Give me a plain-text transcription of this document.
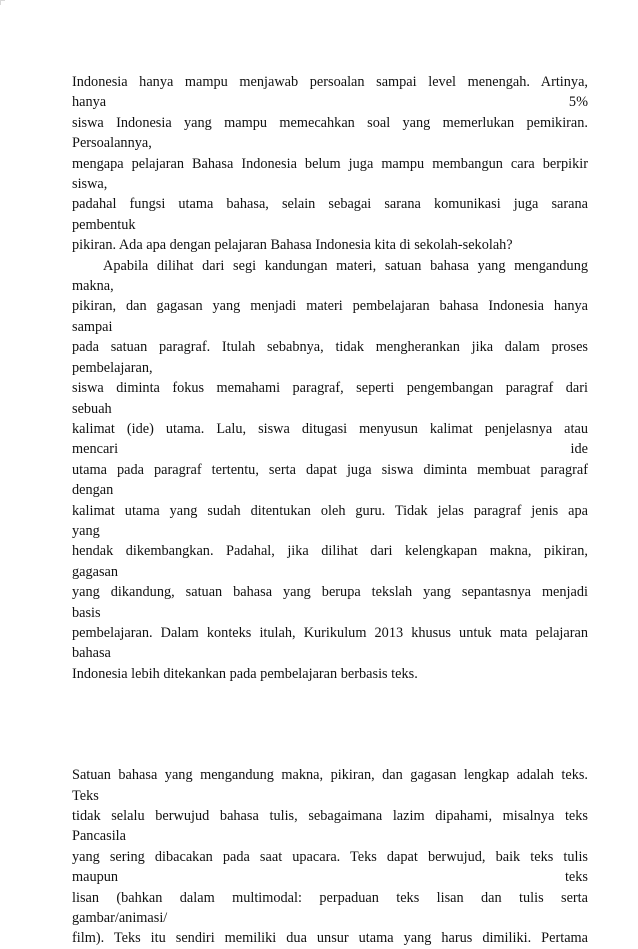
Indonesia hanya mampu menjawab persoalan sampai level menengah. Artinya,
hanya 5%
siswa Indonesia yang mampu memecahkan soal yang memerlukan pemikiran.
Persoalannya,
mengapa pelajaran Bahasa Indonesia belum juga mampu membangun cara berpikir
siswa,
padahal fungsi utama bahasa, selain sebagai sarana komunikasi juga sarana
pembentuk
pikiran. Ada apa dengan pelajaran Bahasa Indonesia kita di sekolah-sekolah?
Apabila dilihat dari segi kandungan materi, satuan bahasa yang mengandung
makna,
pikiran, dan gagasan yang menjadi materi pembelajaran bahasa Indonesia hanya
sampai
pada satuan paragraf. Itulah sebabnya, tidak mengherankan jika dalam proses
pembelajaran,
siswa diminta fokus memahami paragraf, seperti pengembangan paragraf dari
sebuah
kalimat (ide) utama. Lalu, siswa ditugasi menyusun kalimat penjelasnya atau
mencari ide
utama pada paragraf tertentu, serta dapat juga siswa diminta membuat paragraf
dengan
kalimat utama yang sudah ditentukan oleh guru. Tidak jelas paragraf jenis apa
yang
hendak dikembangkan. Padahal, jika dilihat dari kelengkapan makna, pikiran,
gagasan
yang dikandung, satuan bahasa yang berupa tekslah yang sepantasnya menjadi
basis
pembelajaran. Dalam konteks itulah, Kurikulum 2013 khusus untuk mata pelajaran
bahasa
Indonesia lebih ditekankan pada pembelajaran berbasis teks.
Satuan bahasa yang mengandung makna, pikiran, dan gagasan lengkap adalah teks.
Teks
tidak selalu berwujud bahasa tulis, sebagaimana lazim dipahami, misalnya teks
Pancasila
yang sering dibacakan pada saat upacara. Teks dapat berwujud, baik teks tulis
maupun teks
lisan (bahkan dalam multimodal: perpaduan teks lisan dan tulis serta
gambar/animasi/
film). Teks itu sendiri memiliki dua unsur utama yang harus dimiliki. Pertama
